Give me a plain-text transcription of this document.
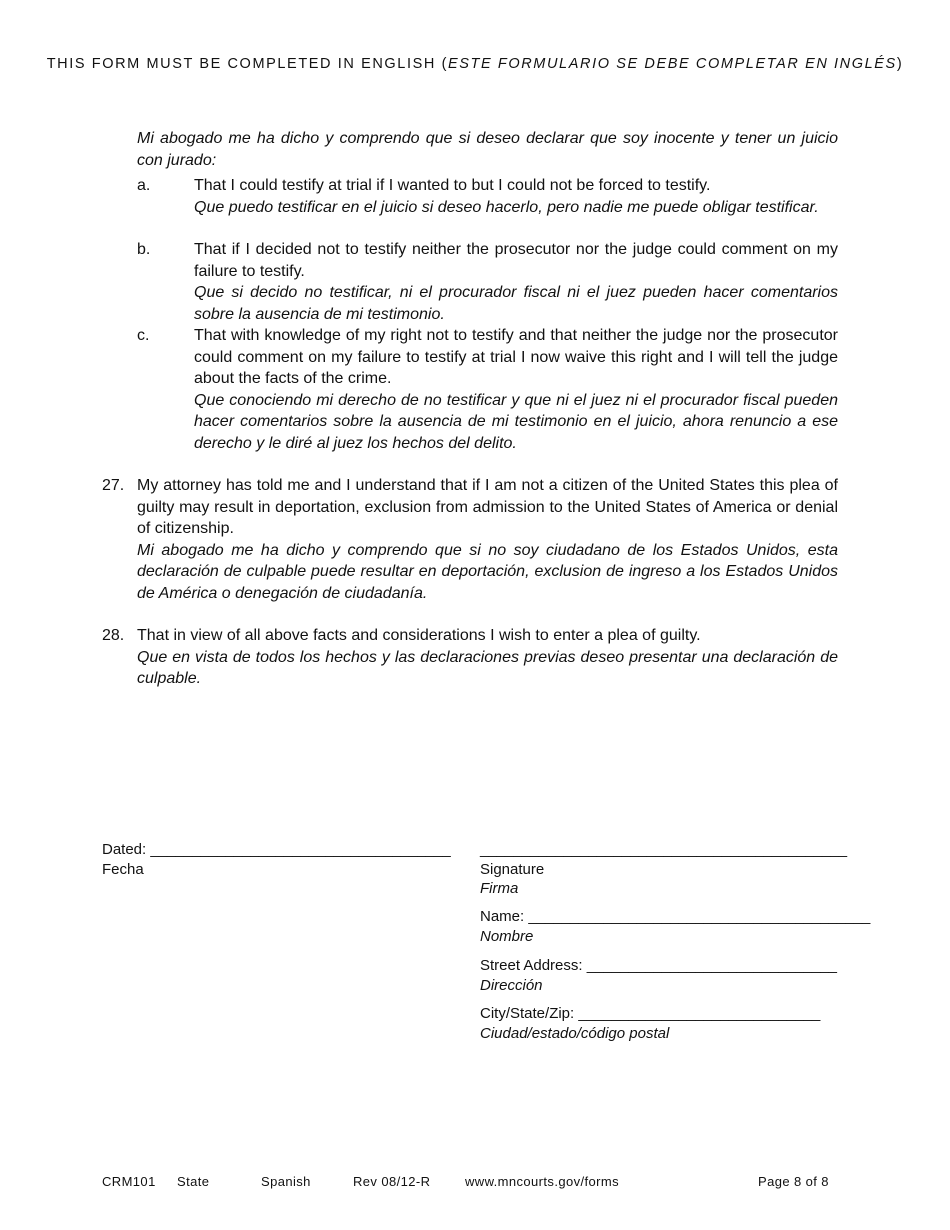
THIS FORM MUST BE COMPLETED IN ENGLISH (ESTE FORMULARIO SE DEBE COMPLETAR EN INGLÉS)
Mi abogado me ha dicho y comprendo que si deseo declarar que soy inocente y tener un juicio con jurado:
a.	That I could testify at trial if I wanted to but I could not be forced to testify.
Que puedo testificar en el juicio si deseo hacerlo, pero nadie me puede obligar testificar.
b.	That if I decided not to testify neither the prosecutor nor the judge could comment on my failure to testify.
Que si decido no testificar, ni el procurador fiscal ni el juez pueden hacer comentarios sobre la ausencia de mi testimonio.
c.	That with knowledge of my right not to testify and that neither the judge nor the prosecutor could comment on my failure to testify at trial I now waive this right and I will tell the judge about the facts of the crime.
Que conociendo mi derecho de no testificar y que ni el juez ni el procurador fiscal pueden hacer comentarios sobre la ausencia de mi testimonio en el juicio, ahora renuncio a ese derecho y le diré al juez los hechos del delito.
27. My attorney has told me and I understand that if I am not a citizen of the United States this plea of guilty may result in deportation, exclusion from admission to the United States of America or denial of citizenship.
Mi abogado me ha dicho y comprendo que si no soy ciudadano de los Estados Unidos, esta declaración de culpable puede resultar en deportación, exclusion de ingreso a los Estados Unidos de América o denegación de ciudadanía.
28. That in view of all above facts and considerations I wish to enter a plea of guilty.
Que en vista de todos los hechos y las declaraciones previas deseo presentar una declaración de culpable.
Dated: ____________________________________
Fecha
____________________________________________
Signature
Firma
Name: _________________________________________
Nombre
Street Address: ______________________________
Dirección
City/State/Zip: _____________________________
Ciudad/estado/código postal
CRM101 State	Spanish	Rev 08/12-R	www.mncourts.gov/forms	Page 8 of 8
